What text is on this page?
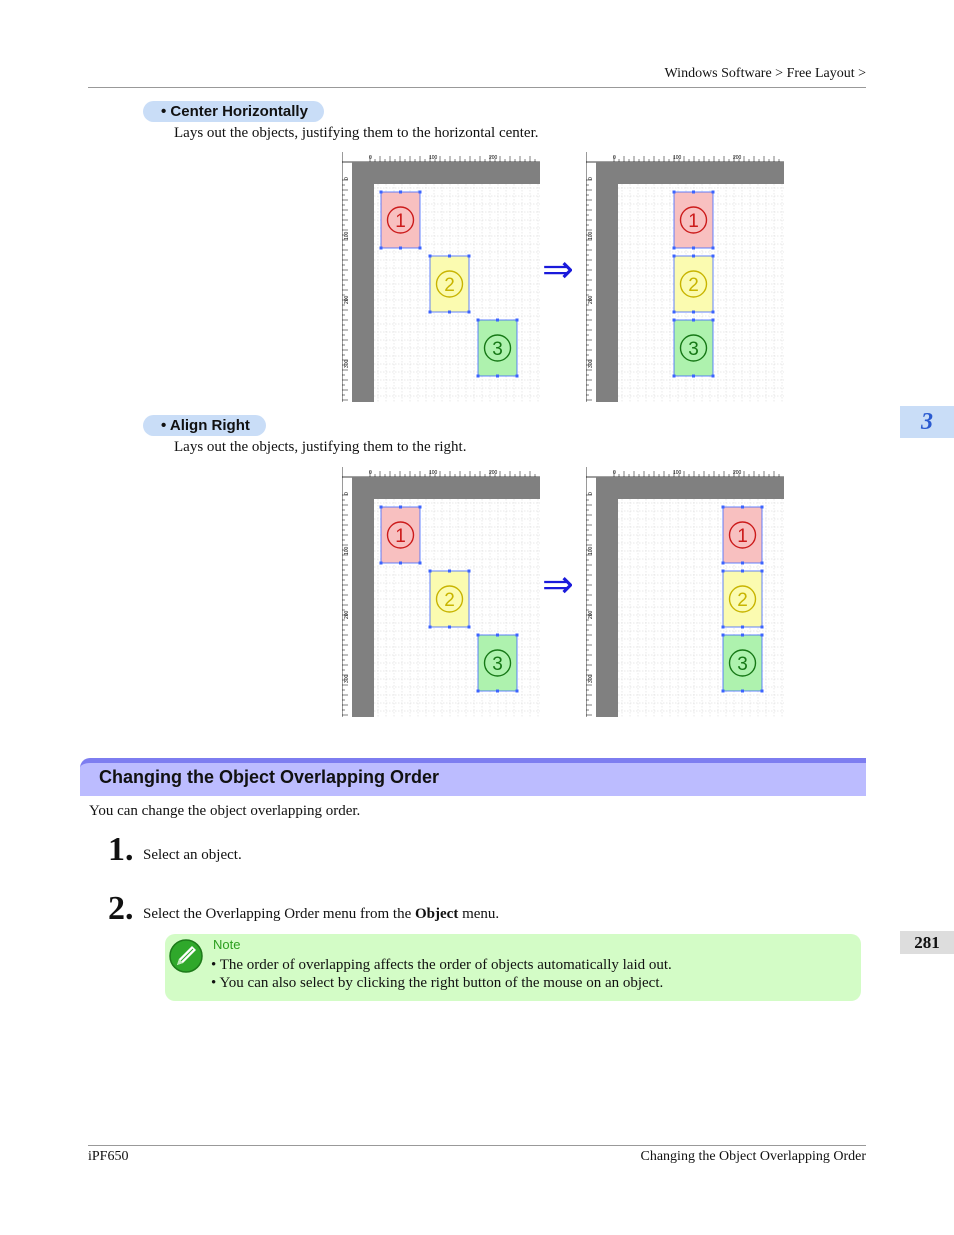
Windows Software > Free Layout >
• Center Horizontally
Lays out the objects, justifying them to the horizontal center.
0	100	200
0
100
200
300
1
2
3
⇒
0	100	200
0
100
200
300
1
2
3
• Align Right
Lays out the objects, justifying them to the right.
0	100	200
0
100
200
300
1
2
3
⇒
0	100	200
0
100
200
300
1
2
3
3
Changing the Object Overlapping Order
You can change the object overlapping order.
1. Select an object.
2. Select the Overlapping Order menu from the Object menu.
Note
• The order of overlapping affects the order of objects automatically laid out.
• You can also select by clicking the right button of the mouse on an object.
281
iPF650	Changing the Object Overlapping Order
